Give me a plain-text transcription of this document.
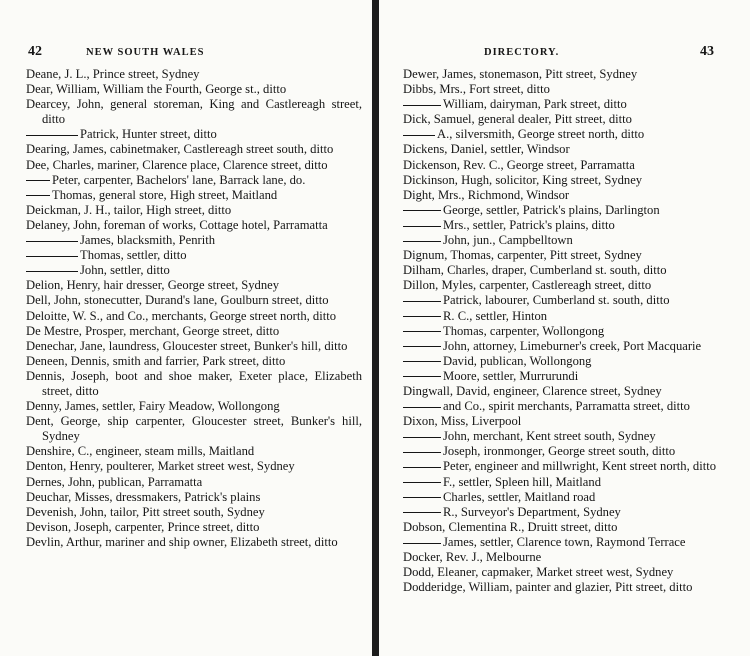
42	NEW SOUTH WALES

Deane, J. L., Prince street, Sydney

Dear, William, William the Fourth, George st., ditto

Dearcey, John, general storeman, King and Castlereagh street, ditto

Patrick, Hunter street, ditto

Dearing, James, cabinetmaker, Castlereagh street south, ditto

Dee, Charles, mariner, Clarence place, Clarence street, ditto

Peter, carpenter, Bachelors' lane, Barrack lane, do.

Thomas, general store, High street, Maitland

Deickman, J. H., tailor, High street, ditto

Delaney, John, foreman of works, Cottage hotel, Parramatta

James, blacksmith, Penrith

Thomas, settler, ditto

John, settler, ditto

Delion, Henry, hair dresser, George street, Sydney

Dell, John, stonecutter, Durand's lane, Goulburn street, ditto

Deloitte, W. S., and Co., merchants, George street north, ditto

De Mestre, Prosper, merchant, George street, ditto

Denechar, Jane, laundress, Gloucester street, Bunker's hill, ditto

Deneen, Dennis, smith and farrier, Park street, ditto

Dennis, Joseph, boot and shoe maker, Exeter place, Elizabeth street, ditto

Denny, James, settler, Fairy Meadow, Wollongong

Dent, George, ship carpenter, Gloucester street, Bunker's hill, Sydney

Denshire, C., engineer, steam mills, Maitland

Denton, Henry, poulterer, Market street west, Sydney

Dernes, John, publican, Parramatta

Deuchar, Misses, dressmakers, Patrick's plains

Devenish, John, tailor, Pitt street south, Sydney

Devison, Joseph, carpenter, Prince street, ditto

Devlin, Arthur, mariner and ship owner, Elizabeth street, ditto

DIRECTORY.	43

Dewer, James, stonemason, Pitt street, Sydney

Dibbs, Mrs., Fort street, ditto

William, dairyman, Park street, ditto

Dick, Samuel, general dealer, Pitt street, ditto

A., silversmith, George street north, ditto

Dickens, Daniel, settler, Windsor

Dickenson, Rev. C., George street, Parramatta

Dickinson, Hugh, solicitor, King street, Sydney

Dight, Mrs., Richmond, Windsor

George, settler, Patrick's plains, Darlington

Mrs., settler, Patrick's plains, ditto

John, jun., Campbelltown

Dignum, Thomas, carpenter, Pitt street, Sydney

Dilham, Charles, draper, Cumberland st. south, ditto

Dillon, Myles, carpenter, Castlereagh street, ditto

Patrick, labourer, Cumberland st. south, ditto

R. C., settler, Hinton

Thomas, carpenter, Wollongong

John, attorney, Limeburner's creek, Port Macquarie

David, publican, Wollongong

Moore, settler, Murrurundi

Dingwall, David, engineer, Clarence street, Sydney

and Co., spirit merchants, Parramatta street, ditto

Dixon, Miss, Liverpool

John, merchant, Kent street south, Sydney

Joseph, ironmonger, George street south, ditto

Peter, engineer and millwright, Kent street north, ditto

F., settler, Spleen hill, Maitland

Charles, settler, Maitland road

R., Surveyor's Department, Sydney

Dobson, Clementina R., Druitt street, ditto

James, settler, Clarence town, Raymond Terrace

Docker, Rev. J., Melbourne

Dodd, Eleaner, capmaker, Market street west, Sydney

Dodderidge, William, painter and glazier, Pitt street, ditto
